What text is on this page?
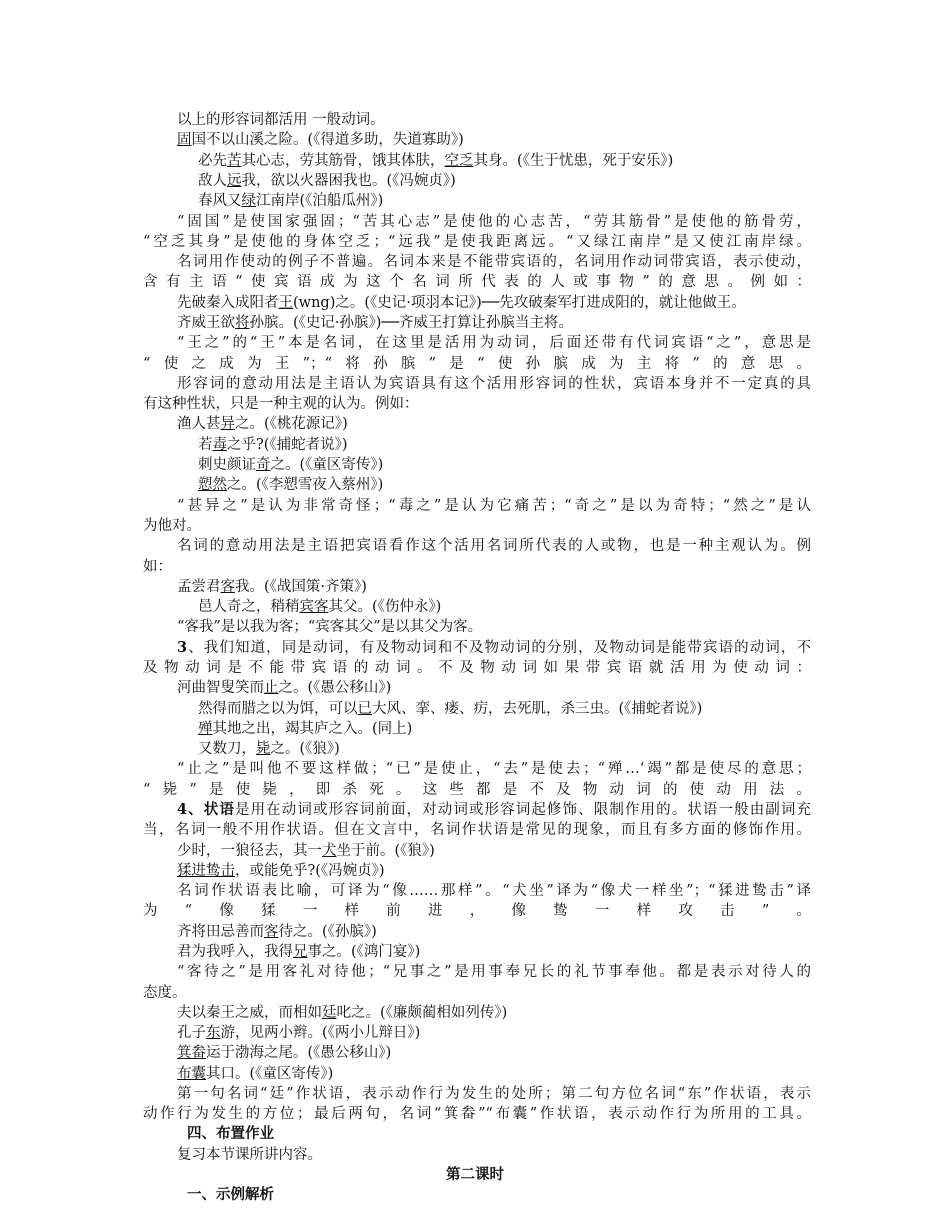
以上的形容词都活用 一般动词。
固国不以山溪之险。(《得道多助，失道寡助》)
必先苦其心志，劳其筋骨，饿其体肤，空乏其身。(《生于忧患，死于安乐》)
敌人远我，欲以火器困我也。(《冯婉贞》)
春风又绿江南岸(《泊船瓜州》)
“固国”是使国家强固；“苦其心志”是使他的心志苦，“劳其筋骨”是使他的筋骨劳，
“空乏其身”是使他的身体空乏；“远我”是使我距离远。“又绿江南岸”是又使江南岸绿。
名词用作使动的例子不普遍。名词本来是不能带宾语的，名词用作动词带宾语，表示使动，
含有主语“使宾语成为这个名词所代表的人或事物”的意思。例如：
先破秦入成阳者王(wng)之。(《史记·项羽本记》)──先攻破秦军打进成阳的，就让他做王。
齐威王欲将孙膑。(《史记·孙膑》)──齐威王打算让孙膑当主将。
“王之”的“王”本是名词，在这里是活用为动词，后面还带有代词宾语“之”，意思是
“使之成为王”；“将孙膑”是“使孙膑成为主将”的意思。
形容词的意动用法是主语认为宾语具有这个活用形容词的性状，宾语本身并不一定真的具
有这种性状，只是一种主观的认为。例如：
渔人甚异之。(《桃花源记》)
若毒之乎?(《捕蛇者说》)
刺史颜证奇之。(《童区寄传》)
愬然之。(《李愬雪夜入蔡州》)
“甚异之”是认为非常奇怪；“毒之”是认为它痛苦；“奇之”是以为奇特；“然之”是认
为他对。
名词的意动用法是主语把宾语看作这个活用名词所代表的人或物，也是一种主观认为。例
如：
孟尝君客我。(《战国策·齐策》)
邑人奇之，稍稍宾客其父。(《伤仲永》)
“客我”是以我为客；“宾客其父”是以其父为客。
3、我们知道，同是动词，有及物动词和不及物动词的分别，及物动词是能带宾语的动词，不
及物动词是不能带宾语的动词。不及物动词如果带宾语就活用为使动词：
河曲智叟笑而止之。(《愚公移山》)
然得而腊之以为饵，可以已大风、挛、瘘、疠，去死肌，杀三虫。(《捕蛇者说》)
殚其地之出，竭其庐之入。(同上)
又数刀，毙之。(《狼》)
“止之”是叫他不要这样做；“已”是使止，“去”是使去；“殚…‘竭”都是使尽的意思；
“毙”是使毙，即杀死。这些都是不及物动词的使动用法。
4、状语是用在动词或形容词前面，对动词或形容词起修饰、限制作用的。状语一般由副词充
当，名词一般不用作状语。但在文言中，名词作状语是常见的现象，而且有多方面的修饰作用。
少时，一狼径去，其一犬坐于前。(《狼》)
猱进鸷击，或能免乎?(《冯婉贞》)
名词作状语表比喻，可译为“像……那样”。“犬坐”译为“像犬一样坐”；“猱进鸷击”译
为“像猱一样前进，像鸷一样攻击”。
齐将田忌善而客待之。(《孙膑》)
君为我呼入，我得兄事之。(《鸿门宴》)
“客待之”是用客礼对待他；“兄事之”是用事奉兄长的礼节事奉他。都是表示对待人的
态度。
夫以秦王之威，而相如廷叱之。(《廉颇蔺相如列传》)
孔子东游，见两小辫。(《两小儿辩日》)
箕畚运于渤海之尾。(《愚公移山》)
布囊其口。(《童区寄传》)
第一句名词“廷”作状语，表示动作行为发生的处所；第二句方位名词“东”作状语，表示
动作行为发生的方位；最后两句，名词“箕畚”“布囊”作状语，表示动作行为所用的工具。
四、布置作业
复习本节课所讲内容。
第二课时
一、示例解析
